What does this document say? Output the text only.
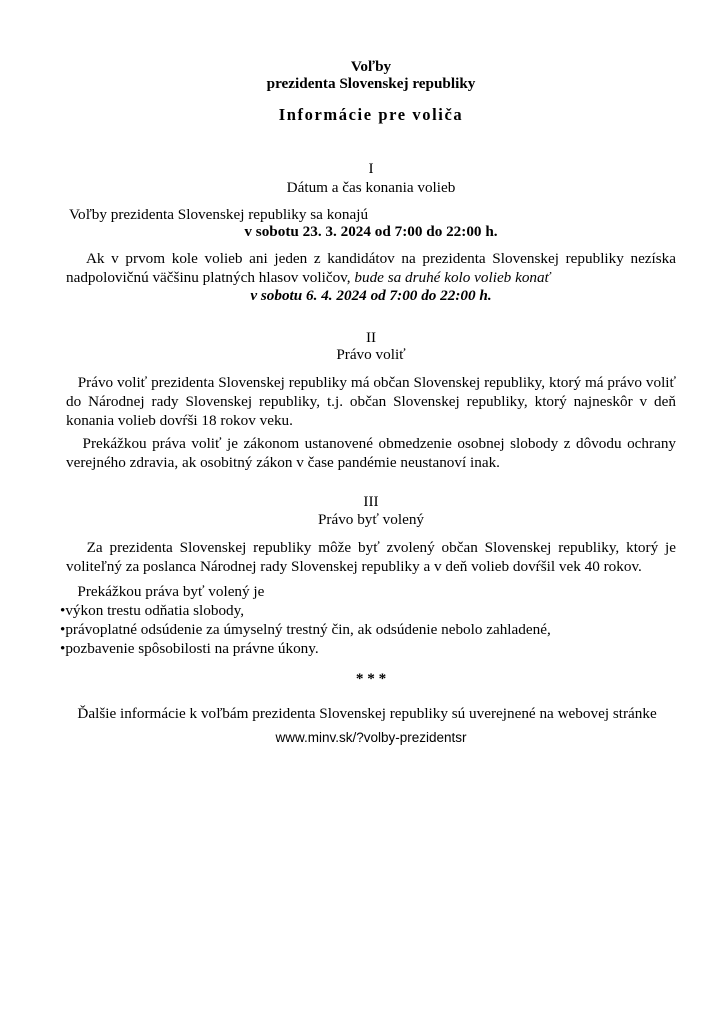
Voľby
prezidenta Slovenskej republiky
Informácie pre voliča
I
Dátum a čas konania volieb
Voľby prezidenta Slovenskej republiky sa konajú
v sobotu 23. 3. 2024 od 7:00 do 22:00 h.
Ak v prvom kole volieb ani jeden z kandidátov na prezidenta Slovenskej republiky nezíska nadpolovičnú väčšinu platných hlasov voličov, bude sa druhé kolo volieb konať
v sobotu 6. 4. 2024 od 7:00 do 22:00 h.
II
Právo voliť
Právo voliť prezidenta Slovenskej republiky má občan Slovenskej republiky, ktorý má právo voliť do Národnej rady Slovenskej republiky, t.j. občan Slovenskej republiky, ktorý najneskôr v deň konania volieb dovŕši 18 rokov veku.
Prekážkou práva voliť je zákonom ustanovené obmedzenie osobnej slobody z dôvodu ochrany verejného zdravia, ak osobitný zákon v čase pandémie neustanoví inak.
III
Právo byť volený
Za prezidenta Slovenskej republiky môže byť zvolený občan Slovenskej republiky, ktorý je voliteľný za poslanca Národnej rady Slovenskej republiky a v deň volieb dovŕšil vek 40 rokov.
Prekážkou práva byť volený je
•výkon trestu odňatia slobody,
•právoplatné odsúdenie za úmyselný trestný čin, ak odsúdenie nebolo zahladené,
•pozbavenie spôsobilosti na právne úkony.
* * *
Ďalšie informácie k voľbám prezidenta Slovenskej republiky sú uverejnené na webovej stránke
www.minv.sk/?volby-prezidentsr
